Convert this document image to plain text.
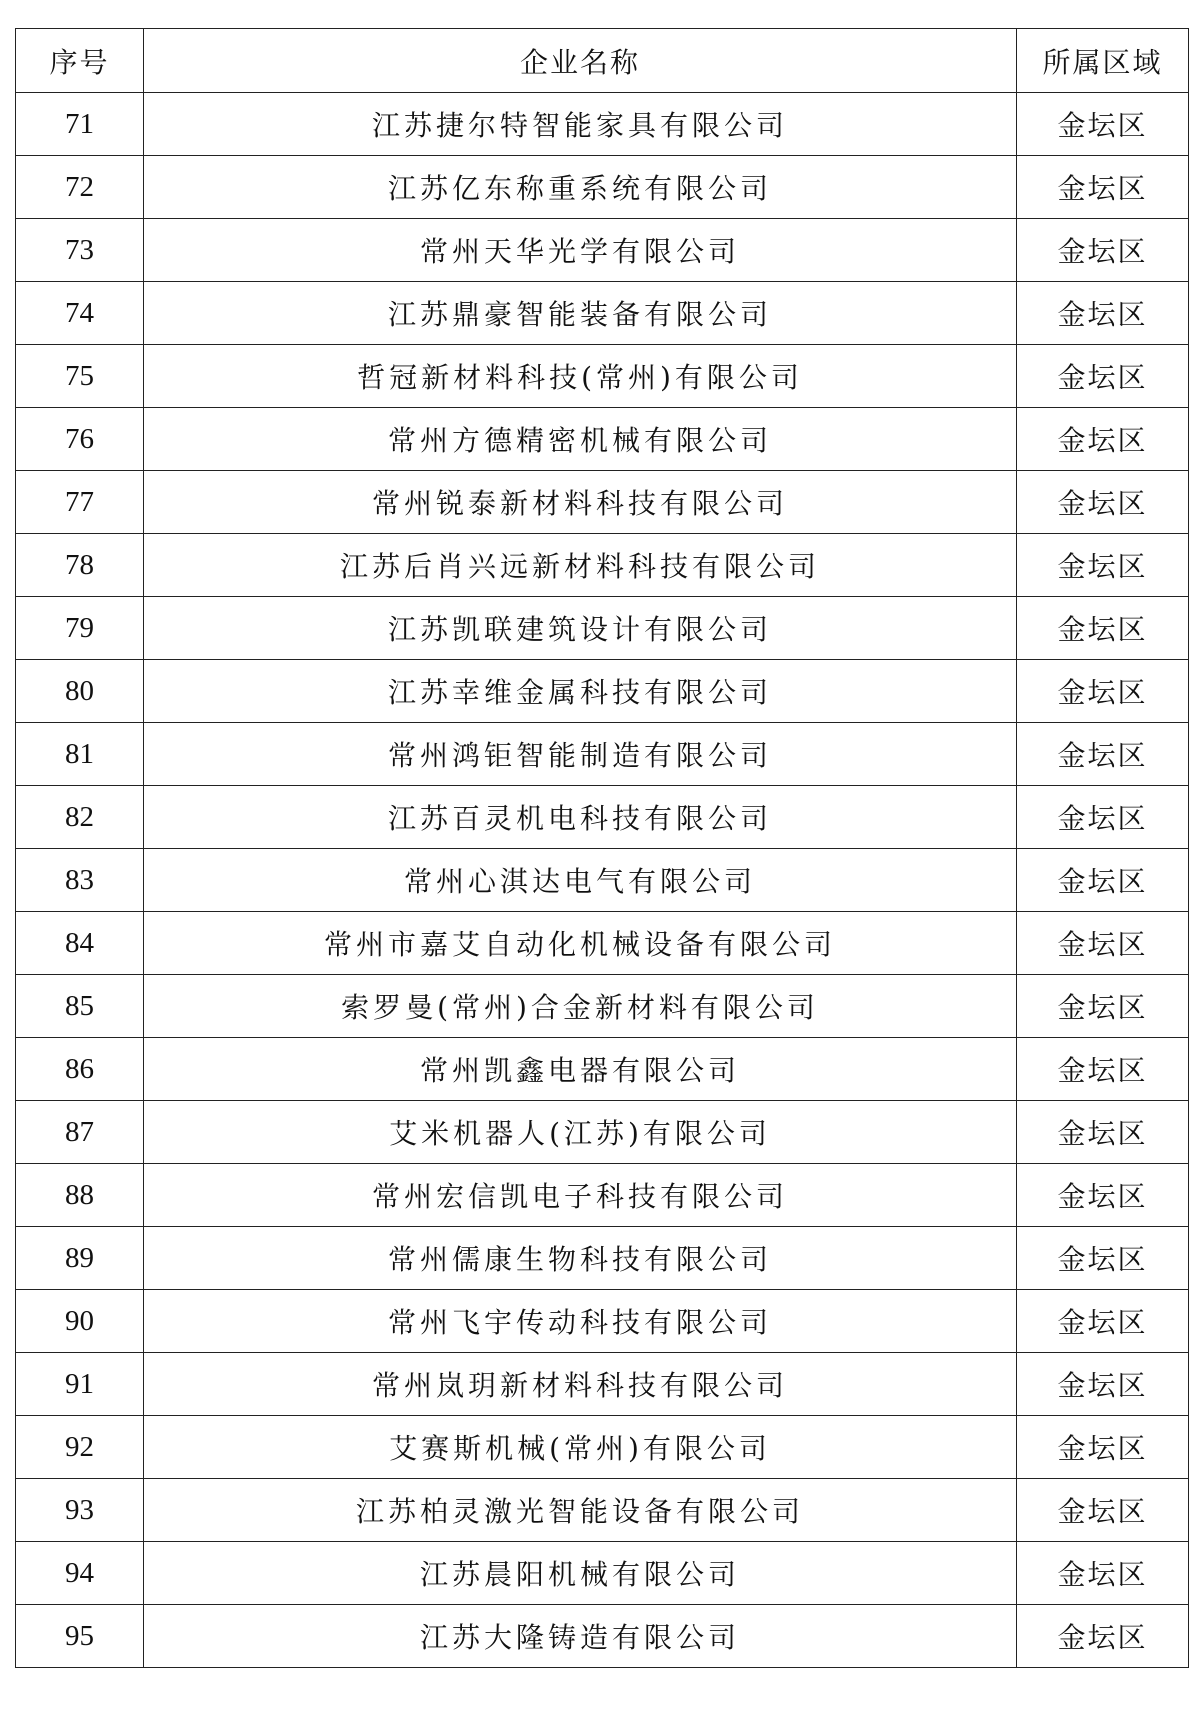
序号	企业名称	所属区域
71	江苏捷尔特智能家具有限公司	金坛区
72	江苏亿东称重系统有限公司	金坛区
73	常州天华光学有限公司	金坛区
74	江苏鼎豪智能装备有限公司	金坛区
75	哲冠新材料科技(常州)有限公司	金坛区
76	常州方德精密机械有限公司	金坛区
77	常州锐泰新材料科技有限公司	金坛区
78	江苏后肖兴远新材料科技有限公司	金坛区
79	江苏凯联建筑设计有限公司	金坛区
80	江苏幸维金属科技有限公司	金坛区
81	常州鸿钜智能制造有限公司	金坛区
82	江苏百灵机电科技有限公司	金坛区
83	常州心淇达电气有限公司	金坛区
84	常州市嘉艾自动化机械设备有限公司	金坛区
85	索罗曼(常州)合金新材料有限公司	金坛区
86	常州凯鑫电器有限公司	金坛区
87	艾米机器人(江苏)有限公司	金坛区
88	常州宏信凯电子科技有限公司	金坛区
89	常州儒康生物科技有限公司	金坛区
90	常州飞宇传动科技有限公司	金坛区
91	常州岚玥新材料科技有限公司	金坛区
92	艾赛斯机械(常州)有限公司	金坛区
93	江苏柏灵激光智能设备有限公司	金坛区
94	江苏晨阳机械有限公司	金坛区
95	江苏大隆铸造有限公司	金坛区
